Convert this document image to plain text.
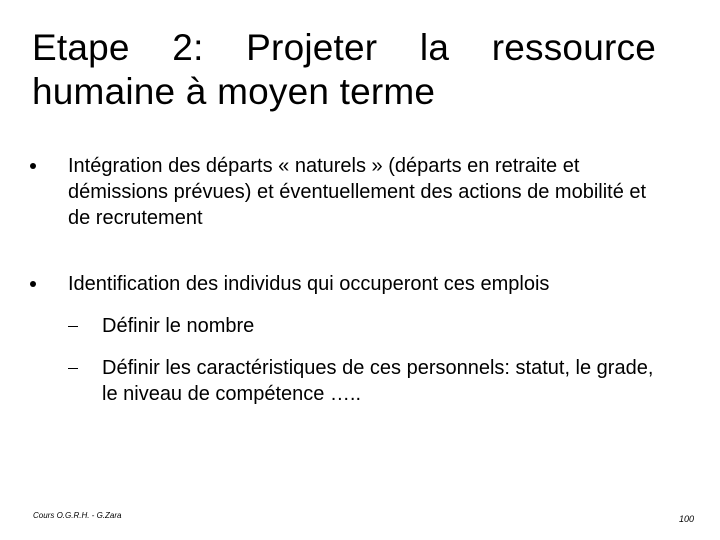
Etape 2: Projeter la ressource
humaine à moyen terme
Intégration des départs « naturels » (départs en retraite et démissions prévues) et éventuellement des actions de mobilité et de recrutement
Identification des individus qui occuperont ces emplois
Définir le nombre
Définir les caractéristiques de ces personnels: statut, le grade, le niveau de compétence …..
Cours O.G.R.H. - G.Zara	100
